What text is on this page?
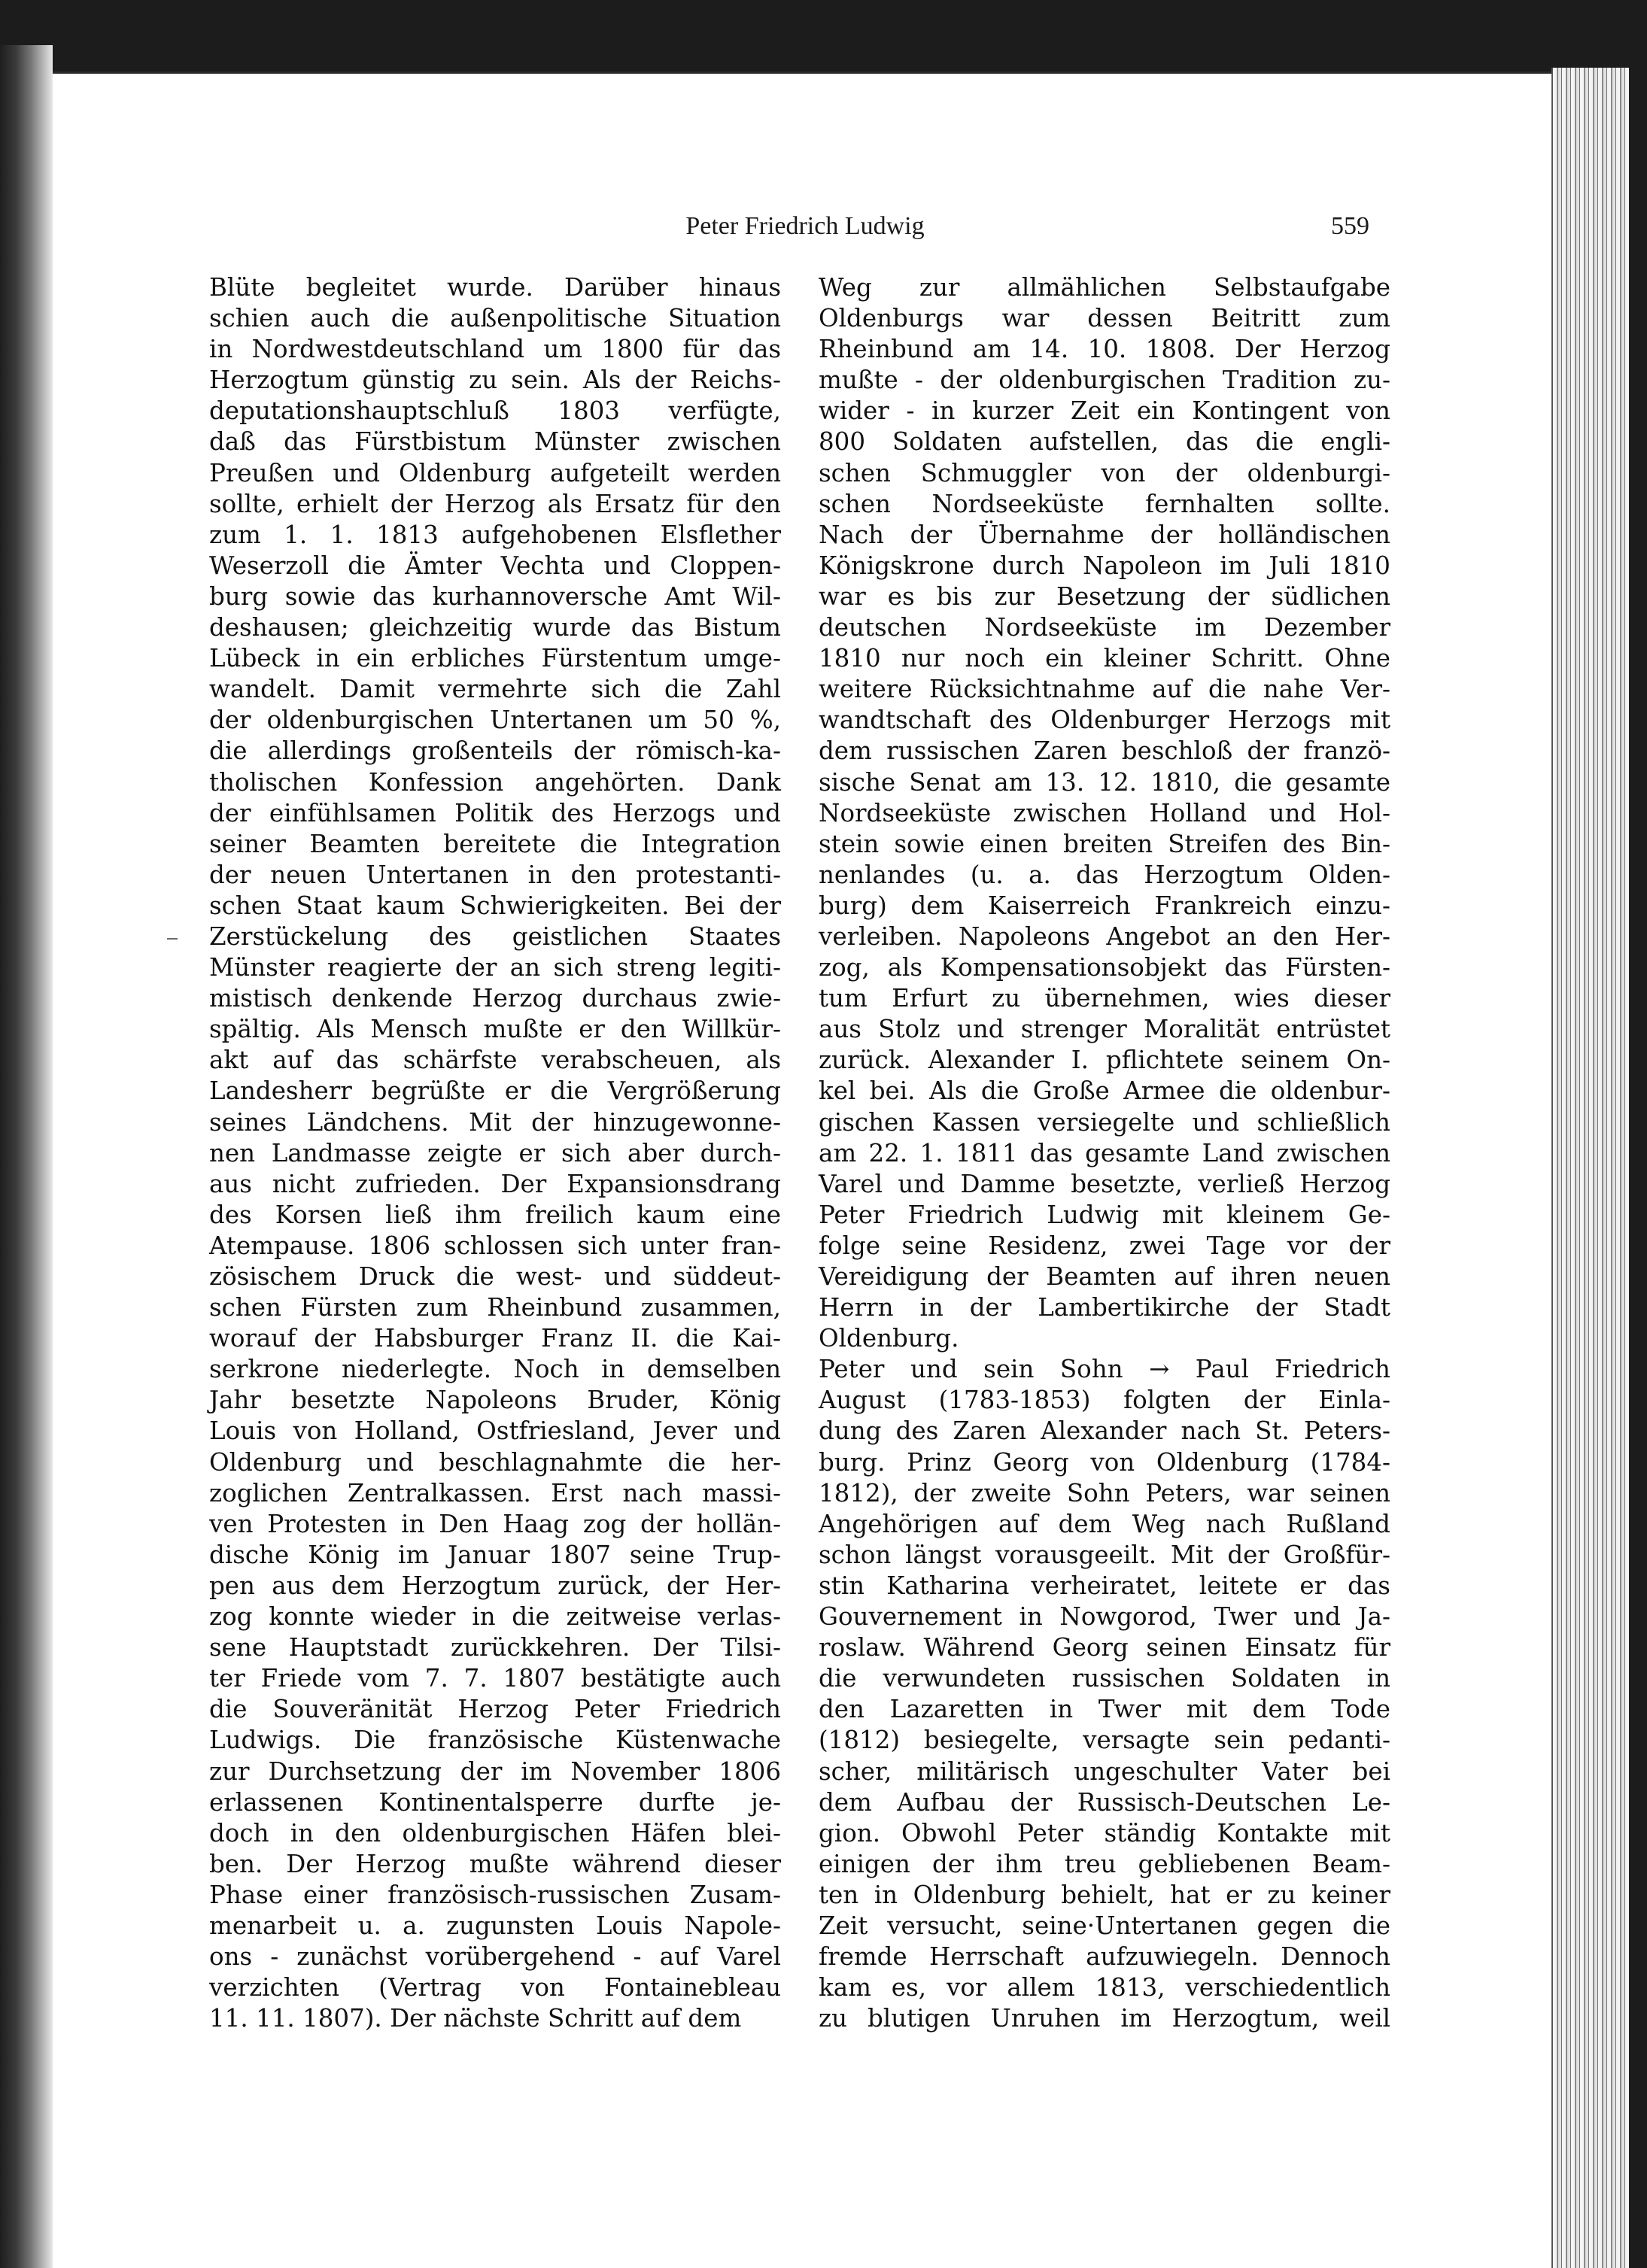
Peter Friedrich Ludwig	559
Blüte begleitet wurde. Darüber hinaus
schien auch die außenpolitische Situation
in Nordwestdeutschland um 1800 für das
Herzogtum günstig zu sein. Als der Reichs-
deputationshauptschluß 1803 verfügte,
daß das Fürstbistum Münster zwischen
Preußen und Oldenburg aufgeteilt werden
sollte, erhielt der Herzog als Ersatz für den
zum 1. 1. 1813 aufgehobenen Elsflether
Weserzoll die Ämter Vechta und Cloppen-
burg sowie das kurhannoversche Amt Wil-
deshausen; gleichzeitig wurde das Bistum
Lübeck in ein erbliches Fürstentum umge-
wandelt. Damit vermehrte sich die Zahl
der oldenburgischen Untertanen um 50 %,
die allerdings großenteils der römisch-ka-
tholischen Konfession angehörten. Dank
der einfühlsamen Politik des Herzogs und
seiner Beamten bereitete die Integration
der neuen Untertanen in den protestanti-
schen Staat kaum Schwierigkeiten. Bei der
Zerstückelung des geistlichen Staates
Münster reagierte der an sich streng legiti-
mistisch denkende Herzog durchaus zwie-
spältig. Als Mensch mußte er den Willkür-
akt auf das schärfste verabscheuen, als
Landesherr begrüßte er die Vergrößerung
seines Ländchens. Mit der hinzugewonne-
nen Landmasse zeigte er sich aber durch-
aus nicht zufrieden. Der Expansionsdrang
des Korsen ließ ihm freilich kaum eine
Atempause. 1806 schlossen sich unter fran-
zösischem Druck die west- und süddeut-
schen Fürsten zum Rheinbund zusammen,
worauf der Habsburger Franz II. die Kai-
serkrone niederlegte. Noch in demselben
Jahr besetzte Napoleons Bruder, König
Louis von Holland, Ostfriesland, Jever und
Oldenburg und beschlagnahmte die her-
zoglichen Zentralkassen. Erst nach massi-
ven Protesten in Den Haag zog der hollän-
dische König im Januar 1807 seine Trup-
pen aus dem Herzogtum zurück, der Her-
zog konnte wieder in die zeitweise verlas-
sene Hauptstadt zurückkehren. Der Tilsi-
ter Friede vom 7. 7. 1807 bestätigte auch
die Souveränität Herzog Peter Friedrich
Ludwigs. Die französische Küstenwache
zur Durchsetzung der im November 1806
erlassenen Kontinentalsperre durfte je-
doch in den oldenburgischen Häfen blei-
ben. Der Herzog mußte während dieser
Phase einer französisch-russischen Zusam-
menarbeit u. a. zugunsten Louis Napole-
ons - zunächst vorübergehend - auf Varel
verzichten (Vertrag von Fontainebleau
11. 11. 1807). Der nächste Schritt auf dem
Weg zur allmählichen Selbstaufgabe
Oldenburgs war dessen Beitritt zum
Rheinbund am 14. 10. 1808. Der Herzog
mußte - der oldenburgischen Tradition zu-
wider - in kurzer Zeit ein Kontingent von
800 Soldaten aufstellen, das die engli-
schen Schmuggler von der oldenburgi-
schen Nordseeküste fernhalten sollte.
Nach der Übernahme der holländischen
Königskrone durch Napoleon im Juli 1810
war es bis zur Besetzung der südlichen
deutschen Nordseeküste im Dezember
1810 nur noch ein kleiner Schritt. Ohne
weitere Rücksichtnahme auf die nahe Ver-
wandtschaft des Oldenburger Herzogs mit
dem russischen Zaren beschloß der franzö-
sische Senat am 13. 12. 1810, die gesamte
Nordseeküste zwischen Holland und Hol-
stein sowie einen breiten Streifen des Bin-
nenlandes (u. a. das Herzogtum Olden-
burg) dem Kaiserreich Frankreich einzu-
verleiben. Napoleons Angebot an den Her-
zog, als Kompensationsobjekt das Fürsten-
tum Erfurt zu übernehmen, wies dieser
aus Stolz und strenger Moralität entrüstet
zurück. Alexander I. pflichtete seinem On-
kel bei. Als die Große Armee die oldenbur-
gischen Kassen versiegelte und schließlich
am 22. 1. 1811 das gesamte Land zwischen
Varel und Damme besetzte, verließ Herzog
Peter Friedrich Ludwig mit kleinem Ge-
folge seine Residenz, zwei Tage vor der
Vereidigung der Beamten auf ihren neuen
Herrn in der Lambertikirche der Stadt
Oldenburg.
Peter und sein Sohn → Paul Friedrich
August (1783-1853) folgten der Einla-
dung des Zaren Alexander nach St. Peters-
burg. Prinz Georg von Oldenburg (1784-
1812), der zweite Sohn Peters, war seinen
Angehörigen auf dem Weg nach Rußland
schon längst vorausgeeilt. Mit der Großfür-
stin Katharina verheiratet, leitete er das
Gouvernement in Nowgorod, Twer und Ja-
roslaw. Während Georg seinen Einsatz für
die verwundeten russischen Soldaten in
den Lazaretten in Twer mit dem Tode
(1812) besiegelte, versagte sein pedanti-
scher, militärisch ungeschulter Vater bei
dem Aufbau der Russisch-Deutschen Le-
gion. Obwohl Peter ständig Kontakte mit
einigen der ihm treu gebliebenen Beam-
ten in Oldenburg behielt, hat er zu keiner
Zeit versucht, seine·Untertanen gegen die
fremde Herrschaft aufzuwiegeln. Dennoch
kam es, vor allem 1813, verschiedentlich
zu blutigen Unruhen im Herzogtum, weil
